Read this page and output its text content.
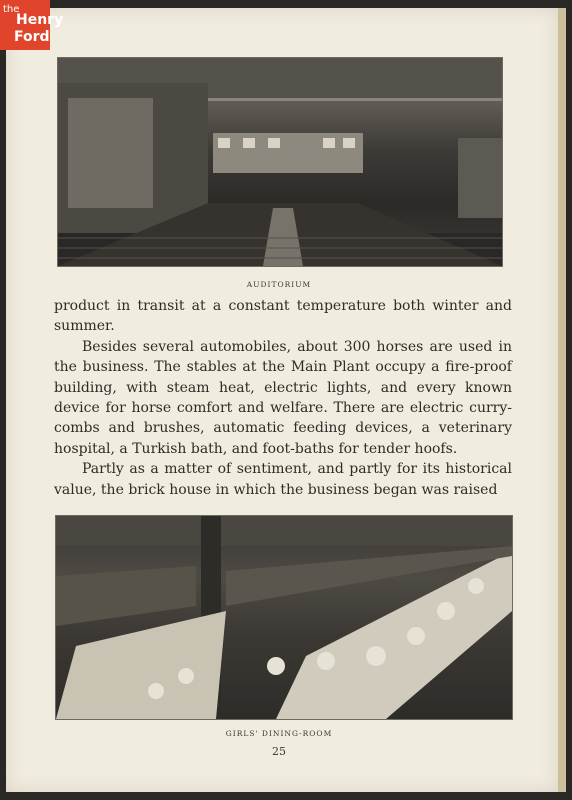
the
Henry
Ford
AUDITORIUM

product in transit at a constant temperature both winter and summer.

Besides several automobiles, about 300 horses are used in the business. The stables at the Main Plant occupy a fire-proof building, with steam heat, electric lights, and every known device for horse comfort and welfare. There are electric curry-combs and brushes, automatic feeding devices, a veterinary hospital, a Turkish bath, and foot-baths for tender hoofs.

Partly as a matter of sentiment, and partly for its historical value, the brick house in which the business began was raised

GIRLS' DINING-ROOM
25
